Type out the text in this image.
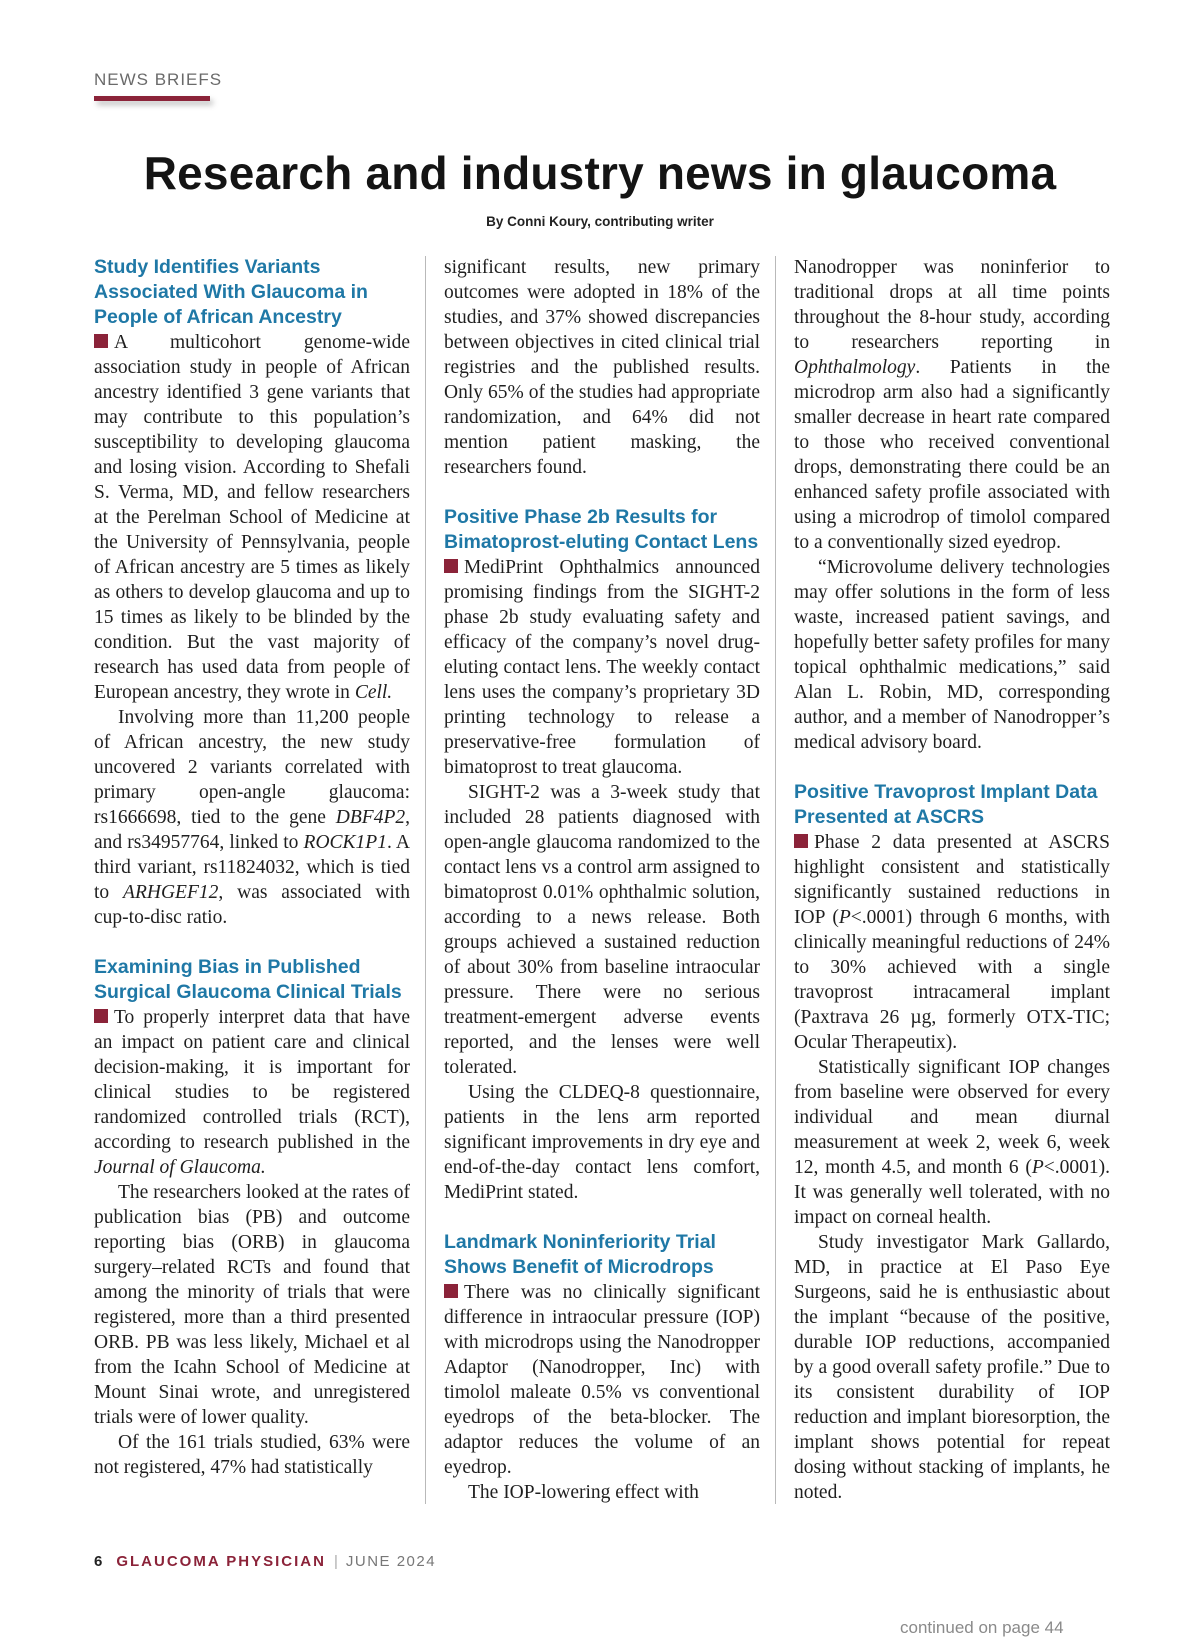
NEWS BRIEFS
Research and industry news in glaucoma
By Conni Koury, contributing writer
Study Identifies Variants Associated With Glaucoma in People of African Ancestry

A multicohort genome-wide association study in people of African ancestry identified 3 gene variants that may contribute to this population’s susceptibility to developing glaucoma and losing vision. According to Shefali S. Verma, MD, and fellow researchers at the Perelman School of Medicine at the University of Pennsylvania, people of African ancestry are 5 times as likely as others to develop glaucoma and up to 15 times as likely to be blinded by the condition. But the vast majority of research has used data from people of European ancestry, they wrote in Cell.

Involving more than 11,200 people of African ancestry, the new study uncovered 2 variants correlated with primary open-angle glaucoma: rs1666698, tied to the gene DBF4P2, and rs34957764, linked to ROCK1P1. A third variant, rs11824032, which is tied to ARHGEF12, was associated with cup-to-disc ratio.

Examining Bias in Published Surgical Glaucoma Clinical Trials

To properly interpret data that have an impact on patient care and clinical decision-making, it is important for clinical studies to be registered randomized controlled trials (RCT), according to research published in the Journal of Glaucoma.

The researchers looked at the rates of publication bias (PB) and outcome reporting bias (ORB) in glaucoma surgery–related RCTs and found that among the minority of trials that were registered, more than a third presented ORB. PB was less likely, Michael et al from the Icahn School of Medicine at Mount Sinai wrote, and unregistered trials were of lower quality.

Of the 161 trials studied, 63% were not registered, 47% had statistically

significant results, new primary outcomes were adopted in 18% of the studies, and 37% showed discrepancies between objectives in cited clinical trial registries and the published results. Only 65% of the studies had appropriate randomization, and 64% did not mention patient masking, the researchers found.

Positive Phase 2b Results for Bimatoprost-eluting Contact Lens

MediPrint Ophthalmics announced promising findings from the SIGHT-2 phase 2b study evaluating safety and efficacy of the company’s novel drug-eluting contact lens. The weekly contact lens uses the company’s proprietary 3D printing technology to release a preservative-free formulation of bimatoprost to treat glaucoma.

SIGHT-2 was a 3-week study that included 28 patients diagnosed with open-angle glaucoma randomized to the contact lens vs a control arm assigned to bimatoprost 0.01% ophthalmic solution, according to a news release. Both groups achieved a sustained reduction of about 30% from baseline intraocular pressure. There were no serious treatment-emergent adverse events reported, and the lenses were well tolerated.

Using the CLDEQ-8 questionnaire, patients in the lens arm reported significant improvements in dry eye and end-of-the-day contact lens comfort, MediPrint stated.

Landmark Noninferiority Trial Shows Benefit of Microdrops

There was no clinically significant difference in intraocular pressure (IOP) with microdrops using the Nanodropper Adaptor (Nanodropper, Inc) with timolol maleate 0.5% vs conventional eyedrops of the beta-blocker. The adaptor reduces the volume of an eyedrop.

The IOP-lowering effect with

Nanodropper was noninferior to traditional drops at all time points throughout the 8-hour study, according to researchers reporting in Ophthalmology. Patients in the microdrop arm also had a significantly smaller decrease in heart rate compared to those who received conventional drops, demonstrating there could be an enhanced safety profile associated with using a microdrop of timolol compared to a conventionally sized eyedrop.

“Microvolume delivery technologies may offer solutions in the form of less waste, increased patient savings, and hopefully better safety profiles for many topical ophthalmic medications,” said Alan L. Robin, MD, corresponding author, and a member of Nanodropper’s medical advisory board.

Positive Travoprost Implant Data Presented at ASCRS

Phase 2 data presented at ASCRS highlight consistent and statistically significantly sustained reductions in IOP (P<.0001) through 6 months, with clinically meaningful reductions of 24% to 30% achieved with a single travoprost intracameral implant (Paxtrava 26 µg, formerly OTX-TIC; Ocular Therapeutix).

Statistically significant IOP changes from baseline were observed for every individual and mean diurnal measurement at week 2, week 6, week 12, month 4.5, and month 6 (P<.0001). It was generally well tolerated, with no impact on corneal health.

Study investigator Mark Gallardo, MD, in practice at El Paso Eye Surgeons, said he is enthusiastic about the implant “because of the positive, durable IOP reductions, accompanied by a good overall safety profile.” Due to its consistent durability of IOP reduction and implant bioresorption, the implant shows potential for repeat dosing without stacking of implants, he noted.

6 GLAUCOMA PHYSICIAN | JUNE 2024
continued on page 44
